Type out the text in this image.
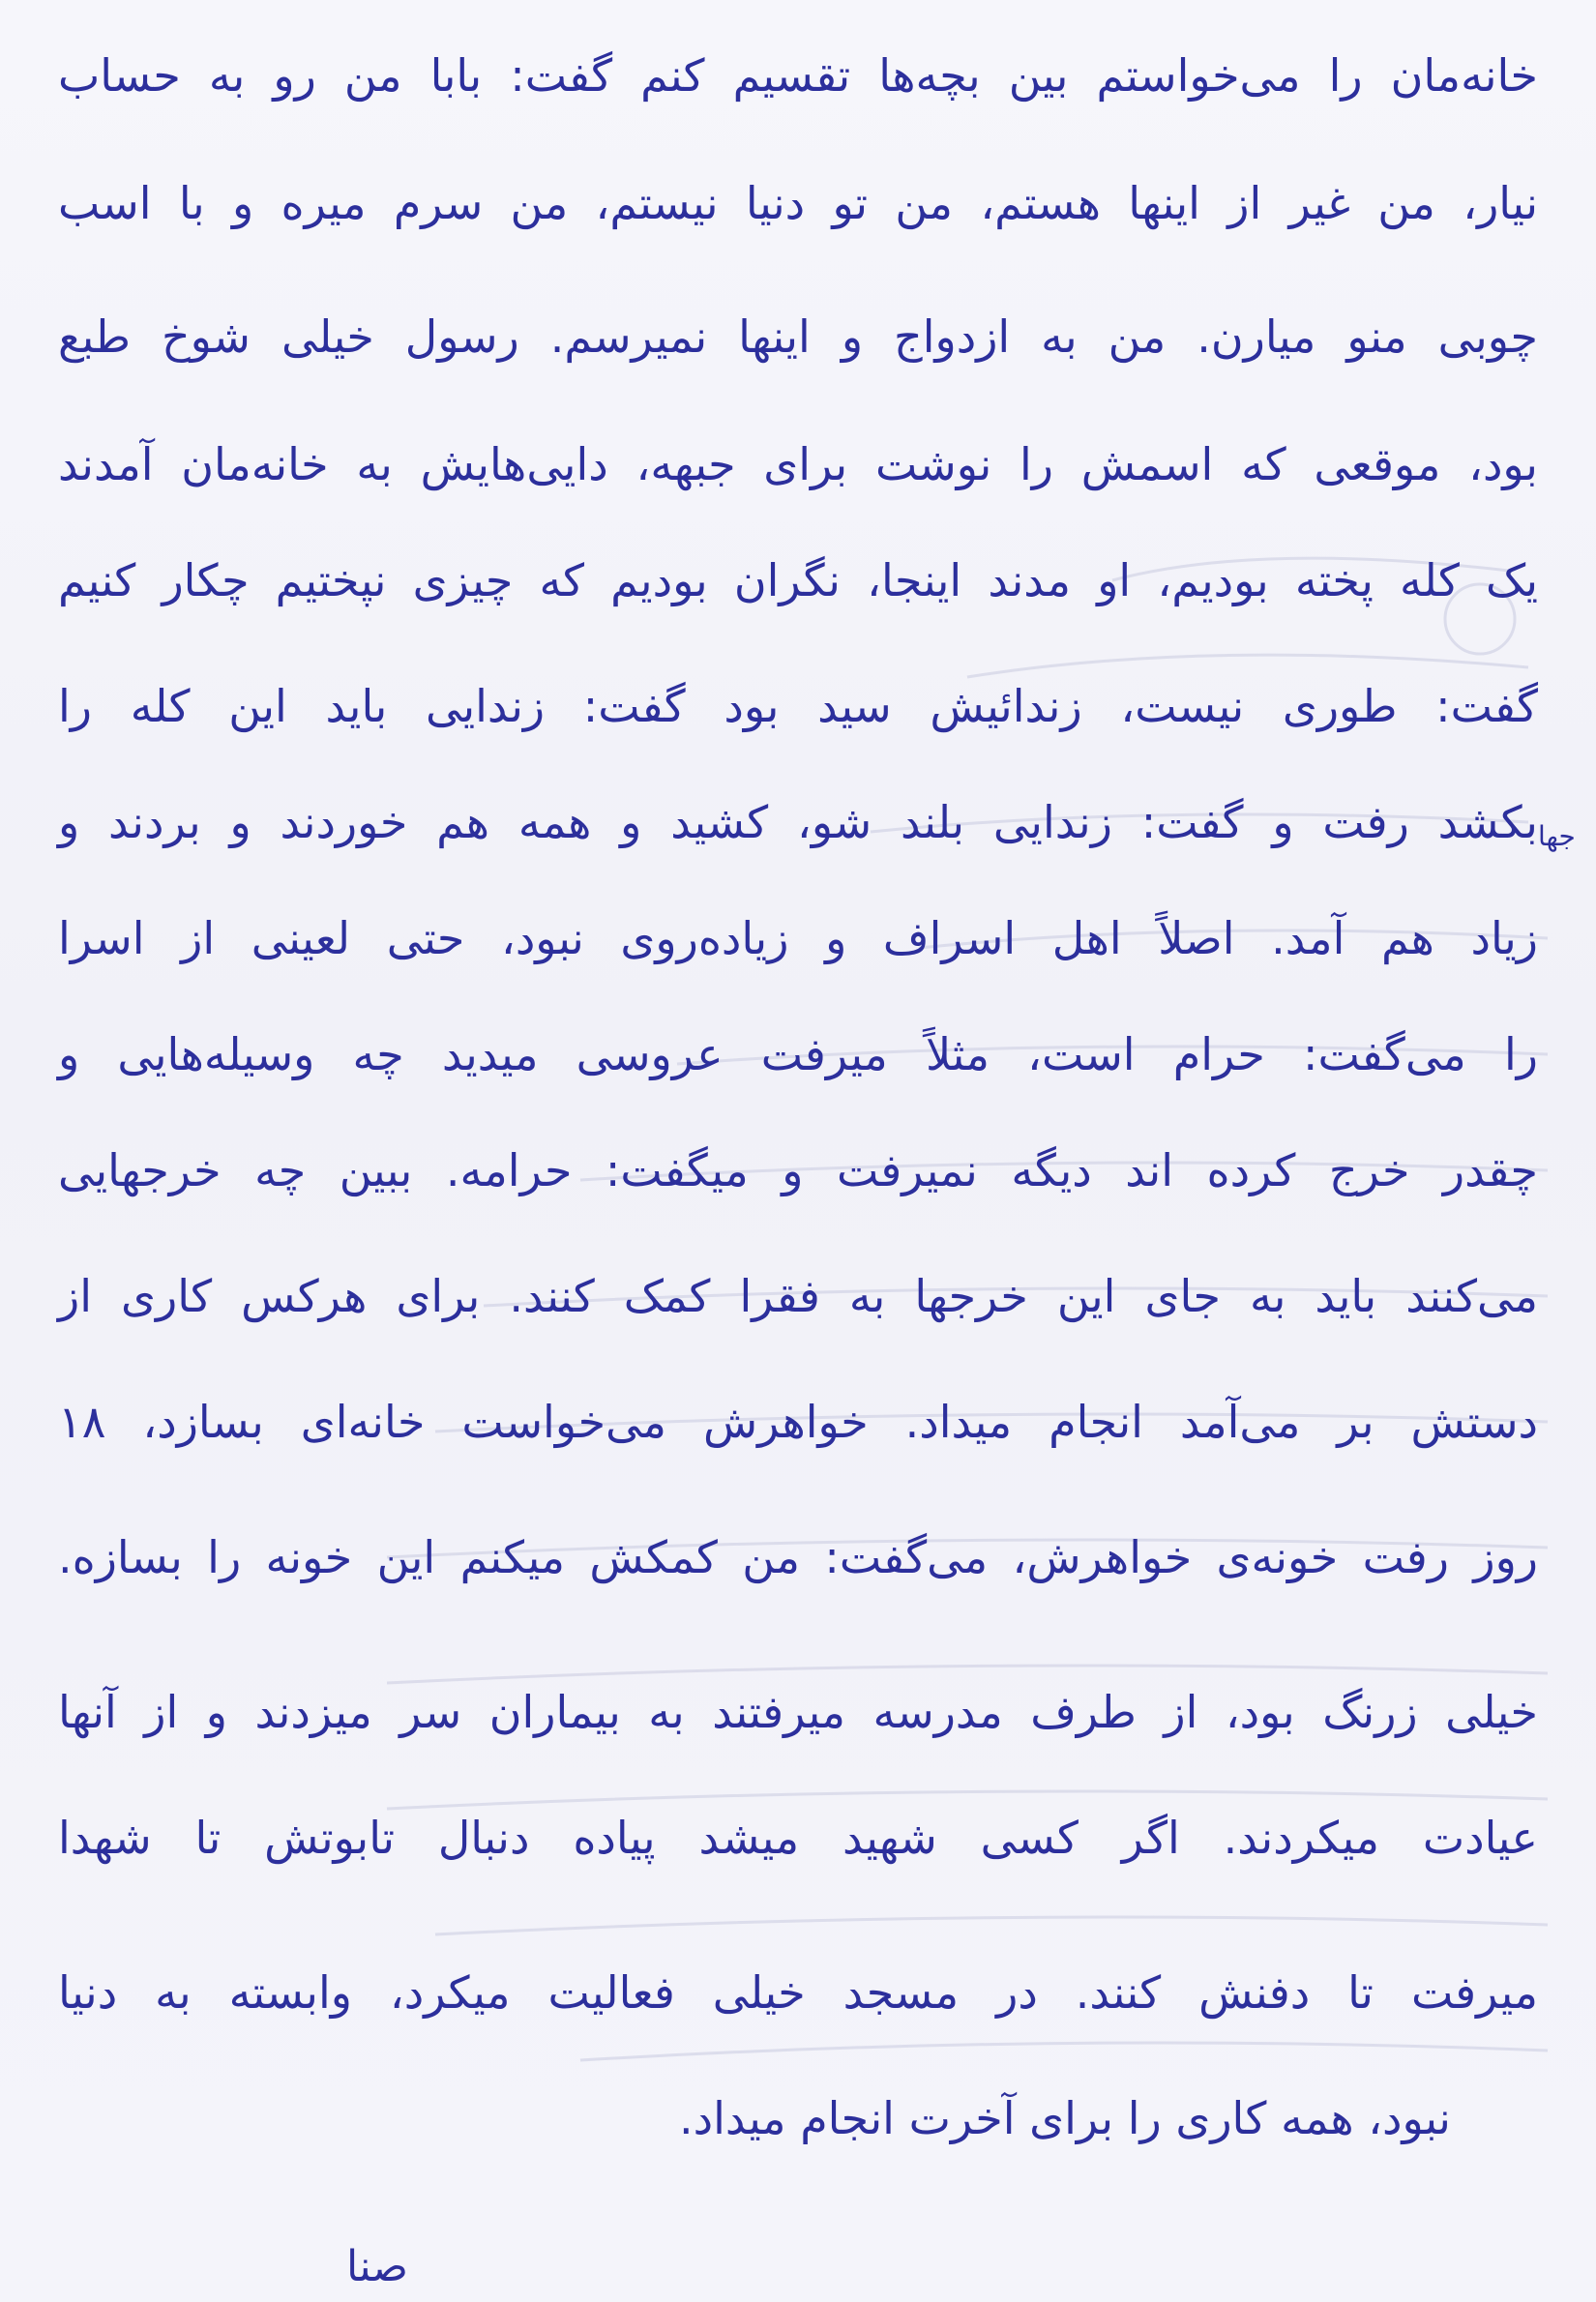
خانه‌مان را می‌خواستم بین بچه‌ها تقسیم کنم گفت: بابا من رو به حساب
نیار، من غیر از اینها هستم، من تو دنیا نیستم، من سرم میره و با اسب
چوبی منو میارن. من به ازدواج و اینها نمیرسم. رسول خیلی شوخ طبع
بود، موقعی که اسمش را نوشت برای جبهه، دایی‌هایش به خانه‌مان آمدند
یک کله پخته بودیم، او مدند اینجا، نگران بودیم که چیزی نپختیم چکار کنیم
گفت: طوری نیست، زندائیش سید بود گفت: زندایی باید این کله را
بکشد رفت و گفت: زندایی بلند شو، کشید و همه هم خوردند و بردند و
زیاد هم آمد. اصلاً اهل اسراف و زیاده‌روی نبود، حتی لعینی از اسرا
را می‌گفت: حرام است، مثلاً میرفت عروسی میدید چه وسیله‌هایی و
چقدر خرج کرده اند دیگه نمیرفت و میگفت: حرامه. ببین چه خرجهایی
می‌کنند باید به جای این خرجها به فقرا کمک کنند. برای هرکس کاری از
دستش بر می‌آمد انجام میداد. خواهرش می‌خواست خانه‌ای بسازد، ۱۸
روز رفت خونه‌ی خواهرش، می‌گفت: من کمکش میکنم این خونه را بسازه.
خیلی زرنگ بود، از طرف مدرسه میرفتند به بیماران سر میزدند و از آنها
عیادت میکردند. اگر کسی شهید میشد پیاده دنبال تابوتش تا شهدا
میرفت تا دفنش کنند. در مسجد خیلی فعالیت میکرد، وابسته به دنیا
نبود، همه کاری را برای آخرت انجام میداد.
جها
صنا
